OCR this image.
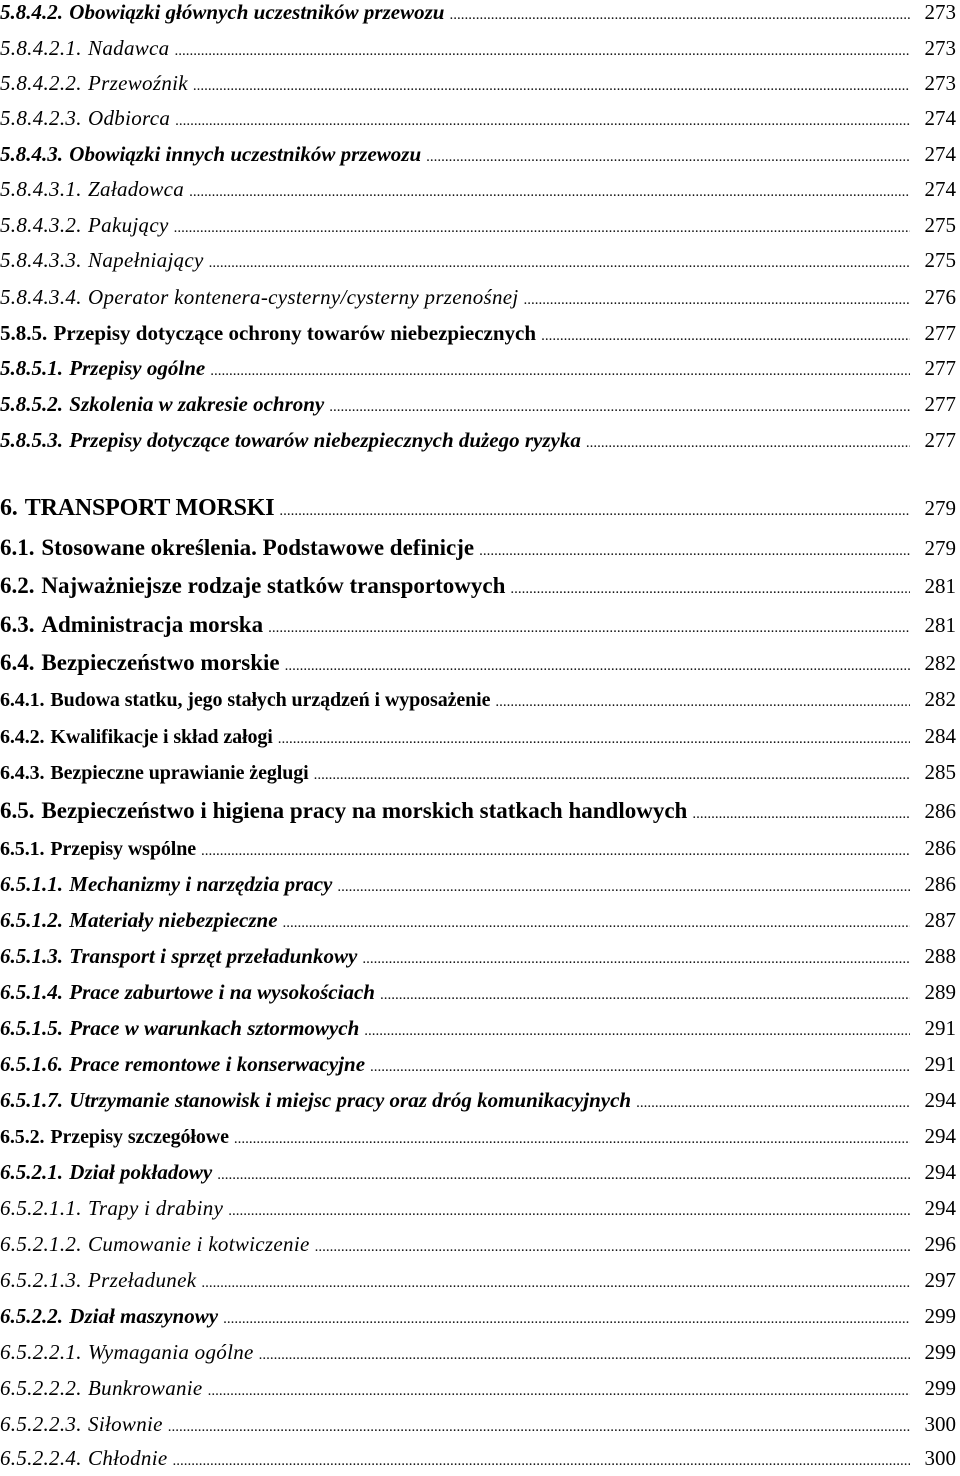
5.8.4.2. Obowiązki głównych uczestników przewozu .....	273
5.8.4.2.1. Nadawca .....	273
5.8.4.2.2. Przewoźnik .....	273
5.8.4.2.3. Odbiorca .....	274
5.8.4.3. Obowiązki innych uczestników przewozu .....	274
5.8.4.3.1. Załadowca .....	274
5.8.4.3.2. Pakujący .....	275
5.8.4.3.3. Napełniający .....	275
5.8.4.3.4. Operator kontenera-cysterny/cysterny przenośnej .....	276
5.8.5. Przepisy dotyczące ochrony towarów niebezpiecznych .....	277
5.8.5.1. Przepisy ogólne .....	277
5.8.5.2. Szkolenia w zakresie ochrony .....	277
5.8.5.3. Przepisy dotyczące towarów niebezpiecznych dużego ryzyka .....	277
6. TRANSPORT MORSKI .....	279
6.1. Stosowane określenia. Podstawowe definicje .....	279
6.2. Najważniejsze rodzaje statków transportowych .....	281
6.3. Administracja morska .....	281
6.4. Bezpieczeństwo morskie .....	282
6.4.1. Budowa statku, jego stałych urządzeń i wyposażenie .....	282
6.4.2. Kwalifikacje i skład załogi .....	284
6.4.3. Bezpieczne uprawianie żeglugi .....	285
6.5. Bezpieczeństwo i higiena pracy na morskich statkach handlowych .....	286
6.5.1. Przepisy wspólne .....	286
6.5.1.1. Mechanizmy i narzędzia pracy .....	286
6.5.1.2. Materiały niebezpieczne .....	287
6.5.1.3. Transport i sprzęt przeładunkowy .....	288
6.5.1.4. Prace zaburtowe i na wysokościach .....	289
6.5.1.5. Prace w warunkach sztormowych .....	291
6.5.1.6. Prace remontowe i konserwacyjne .....	291
6.5.1.7. Utrzymanie stanowisk i miejsc pracy oraz dróg komunikacyjnych .....	294
6.5.2. Przepisy szczegółowe .....	294
6.5.2.1. Dział pokładowy .....	294
6.5.2.1.1. Trapy i drabiny .....	294
6.5.2.1.2. Cumowanie i kotwiczenie .....	296
6.5.2.1.3. Przeładunek .....	297
6.5.2.2. Dział maszynowy .....	299
6.5.2.2.1. Wymagania ogólne .....	299
6.5.2.2.2. Bunkrowanie .....	299
6.5.2.2.3. Siłownie .....	300
6.5.2.2.4. Chłodnie .....	300
